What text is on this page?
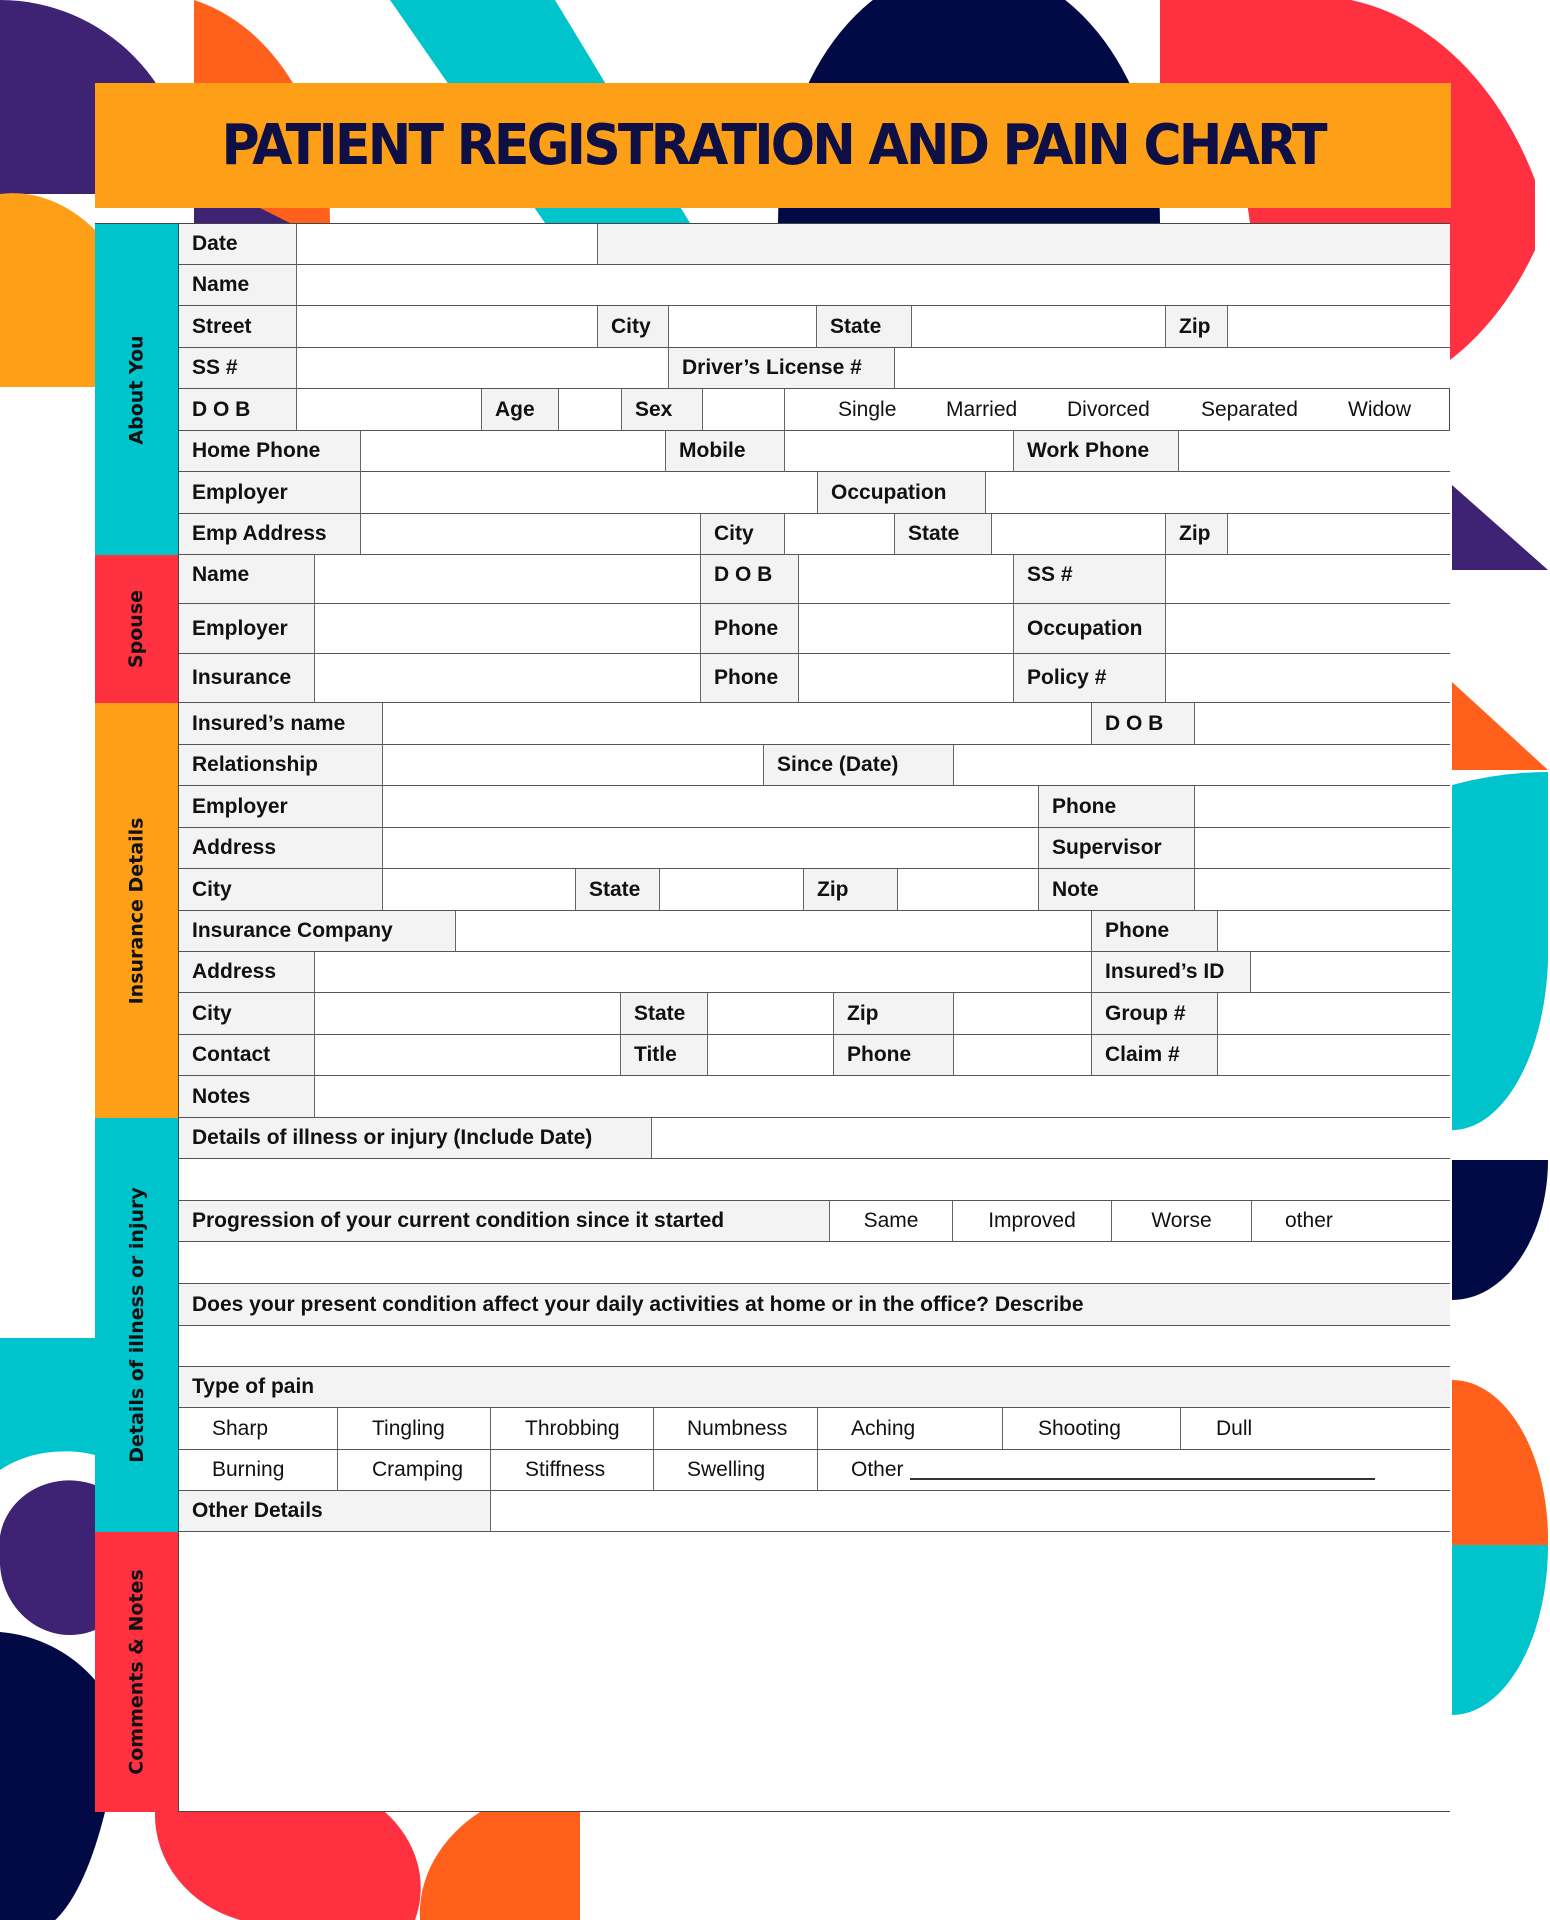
PATIENT REGISTRATION AND PAIN CHART
About You
Spouse
Insurance Details
Details of illness or injury
Comments & Notes
Date
Name
Street	City	State	Zip
SS #	Driver’s License #
D O B	Age	Sex	Single Married Divorced Separated Widow
Home Phone	Mobile	Work Phone
Employer	Occupation
Emp Address	City	State	Zip
Name	D O B	SS #
Employer	Phone	Occupation
Insurance	Phone	Policy #
Insured’s name	D O B
Relationship	Since (Date)
Employer	Phone
Address	Supervisor
City	State	Zip	Note
Insurance Company	Phone
Address	Insured’s ID
City	State	Zip	Group #
Contact	Title	Phone	Claim #
Notes
Details of illness or injury (Include Date)
Progression of your current condition since it started	Same	Improved	Worse	other
Does your present condition affect your daily activities at home or in the office? Describe
Type of pain
Sharp	Tingling	Throbbing	Numbness	Aching	Shooting	Dull
Burning	Cramping	Stiffness	Swelling	Other
Other Details
